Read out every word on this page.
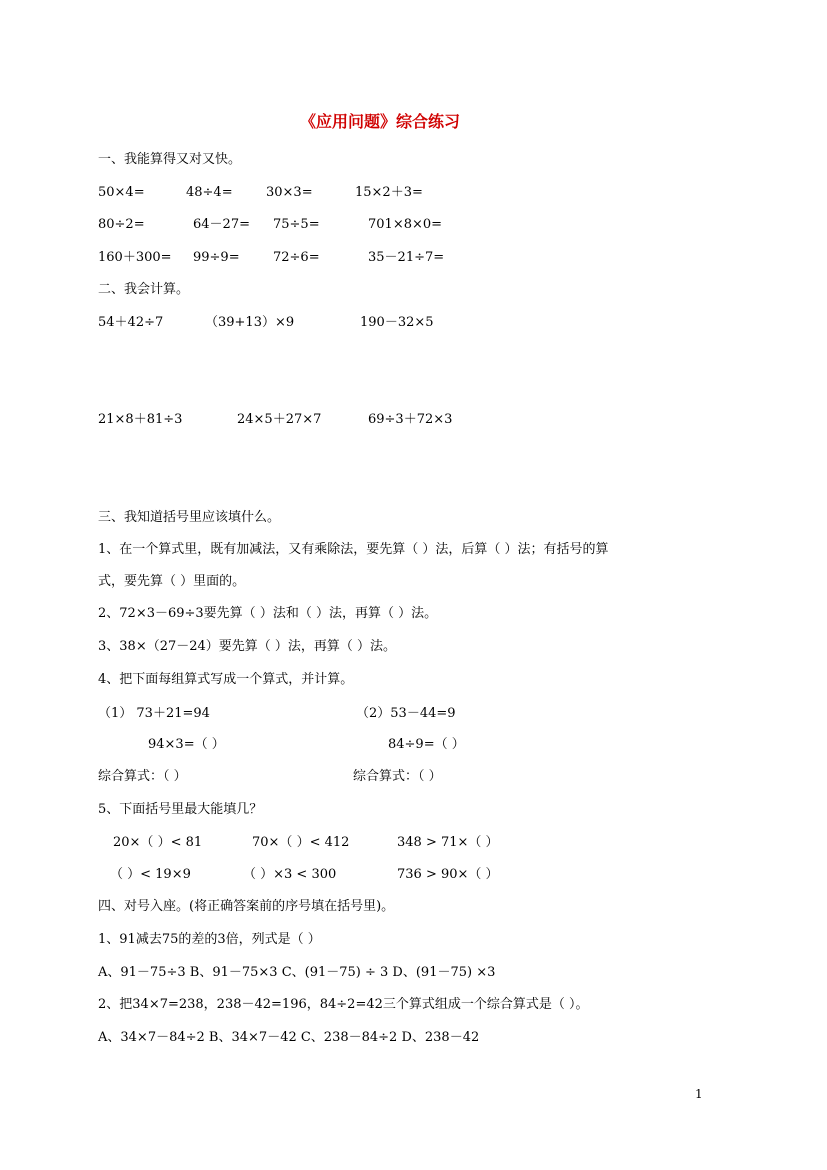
《应用问题》综合练习
一、我能算得又对又快。
50×4=	48÷4=	30×3=	15×2＋3=
80÷2=	64－27= 75÷5=	701×8×0=
160＋300= 99÷9=	72÷6=	35－21÷7=
二、我会计算。
54＋42÷7	（39+13）×9	190－32×5
21×8＋81÷3	24×5＋27×7	69÷3＋72×3
三、我知道括号里应该填什么。
1、在一个算式里，既有加减法，又有乘除法，要先算（ ）法，后算（ ）法；有括号的算
式，要先算（ ）里面的。
2、72×3－69÷3要先算（ ）法和（ ）法，再算（ ）法。
3、38×（27－24）要先算（ ）法，再算（ ）法。
4、把下面每组算式写成一个算式，并计算。
（1） 73＋21=94	（2）53－44=9
94×3=（ ）	84÷9=（ ）
综合算式：（ ）	综合算式：（ ）
5、下面括号里最大能填几？
20×（ ）< 81	70×（ ）< 412	348 > 71×（ ）
（ ）< 19×9	（ ）×3 < 300	736 > 90×（ ）
四、对号入座。(将正确答案前的序号填在括号里)。
1、91减去75的差的3倍，列式是（ ）
A、91－75÷3 B、91－75×3 C、(91－75) ÷ 3 D、(91－75) ×3
2、把34×7=238，238－42=196，84÷2=42三个算式组成一个综合算式是（ ）。
A、34×7－84÷2 B、34×7－42 C、238－84÷2 D、238－42
1
